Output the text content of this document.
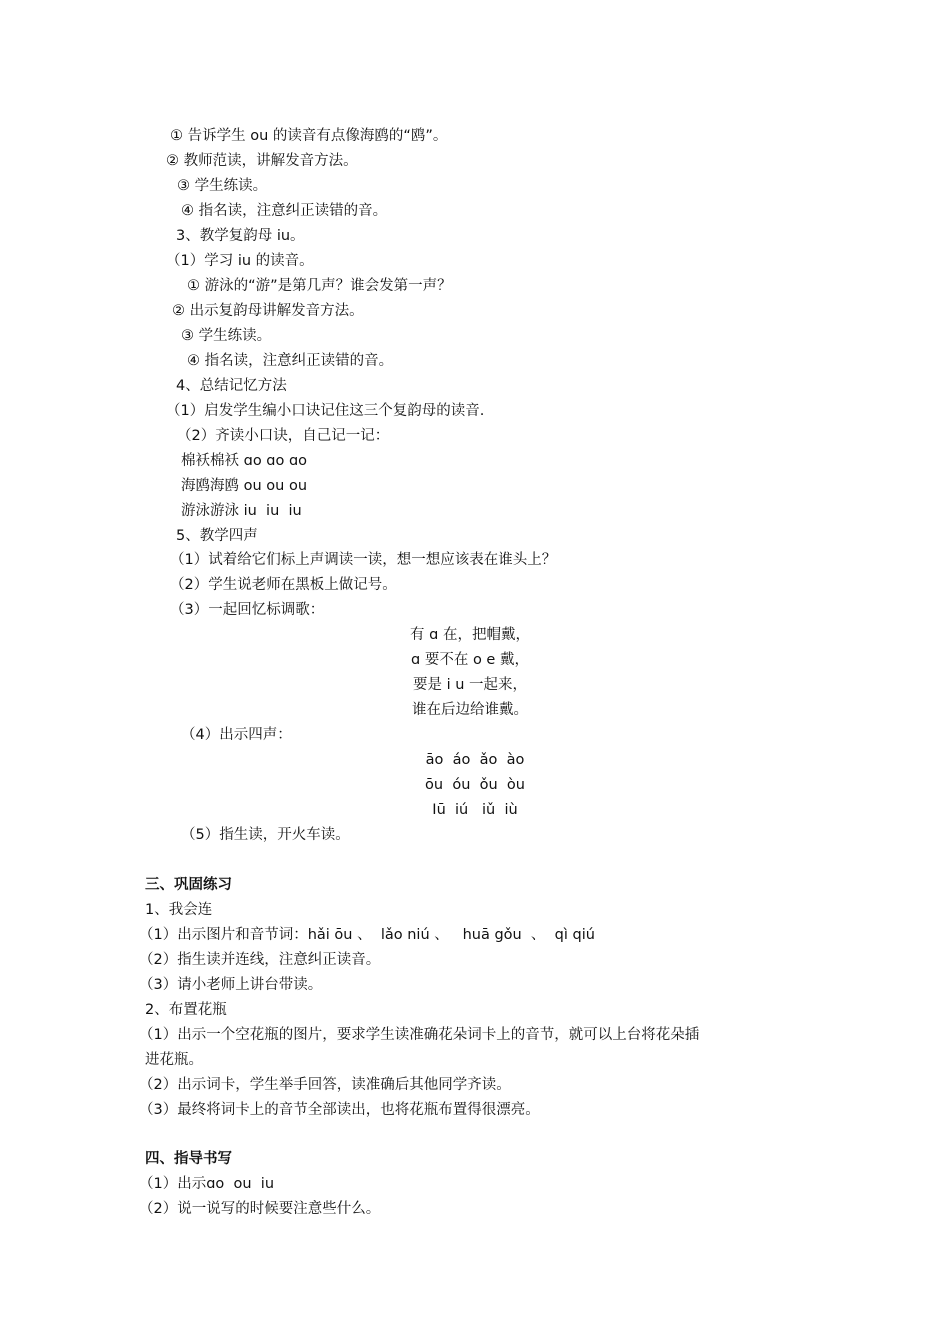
① 告诉学生 ou 的读音有点像海鸥的“鸥”。
② 教师范读，讲解发音方法。
③ 学生练读。
④ 指名读，注意纠正读错的音。
3、教学复韵母 iu。
（1）学习 iu 的读音。
① 游泳的“游”是第几声？谁会发第一声？
② 出示复韵母讲解发音方法。
③ 学生练读。
④ 指名读，注意纠正读错的音。
4、总结记忆方法
（1）启发学生编小口诀记住这三个复韵母的读音.
（2）齐读小口诀，自己记一记：
棉袄棉袄 ɑo ɑo ɑo
海鸥海鸥 ou ou ou
游泳游泳 iu  iu  iu
5、教学四声
（1）试着给它们标上声调读一读，想一想应该表在谁头上？
（2）学生说老师在黑板上做记号。
（3）一起回忆标调歌：
有 ɑ 在，把帽戴，
ɑ 要不在 o e 戴，
要是 i u 一起来，
谁在后边给谁戴。
（4）出示四声：
āo  áo  ǎo  ào
ōu  óu  ǒu  òu
Iū  iú   iǔ  iù
（5）指生读，开火车读。
三、巩固练习
1、我会连
（1）出示图片和音节词：hǎi ōu 、  lǎo niú 、   huā gǒu  、  qì qiú
（2）指生读并连线，注意纠正读音。
（3）请小老师上讲台带读。
2、布置花瓶
（1）出示一个空花瓶的图片，要求学生读准确花朵词卡上的音节，就可以上台将花朵插
进花瓶。
（2）出示词卡，学生举手回答，读准确后其他同学齐读。
（3）最终将词卡上的音节全部读出，也将花瓶布置得很漂亮。
四、指导书写
（1）出示ɑo  ou  iu
（2）说一说写的时候要注意些什么。
